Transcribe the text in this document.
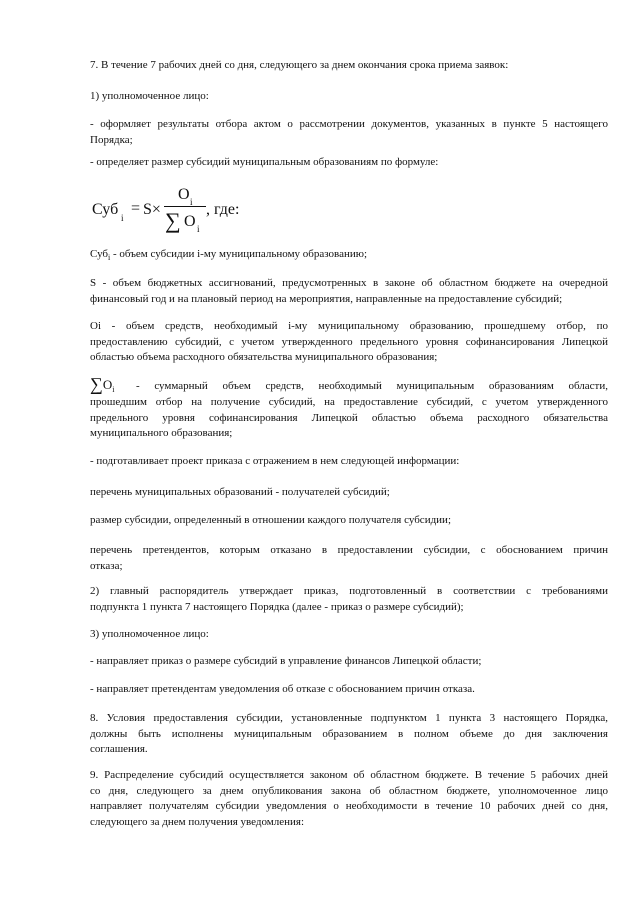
7. В течение 7 рабочих дней со дня, следующего за днем окончания срока приема заявок:
1) уполномоченное лицо:
- оформляет результаты отбора актом о рассмотрении документов, указанных в пункте 5 настоящего
Порядка;
- определяет размер субсидий муниципальным образованиям по формуле:
Суб i
= S×
O i
∑ O i
, где:
Суб$_i$ - объем субсидии i-му муниципальному образованию;
S - объем бюджетных ассигнований, предусмотренных в законе об областном бюджете на очередной
финансовый год и на плановый период на мероприятия, направленные на предоставление субсидий;
Oi - объем средств, необходимый i-му муниципальному образованию, прошедшему отбор, по
предоставлению субсидий, с учетом утвержденного предельного уровня софинансирования Липецкой
областью объема расходного обязательства муниципального образования;
$\sum O_i$	- суммарный объем средств, необходимый муниципальным образованиям области,
прошедшим отбор на получение субсидий, на предоставление субсидий, с учетом утвержденного
предельного уровня софинансирования Липецкой областью объема расходного обязательства
муниципального образования;
- подготавливает проект приказа с отражением в нем следующей информации:
перечень муниципальных образований - получателей субсидий;
размер субсидии, определенный в отношении каждого получателя субсидии;
перечень претендентов, которым отказано в предоставлении субсидии, с обоснованием причин
отказа;
2) главный распорядитель утверждает приказ, подготовленный в соответствии с требованиями
подпункта 1 пункта 7 настоящего Порядка (далее - приказ о размере субсидий);
3) уполномоченное лицо:
- направляет приказ о размере субсидий в управление финансов Липецкой области;
- направляет претендентам уведомления об отказе с обоснованием причин отказа.
8. Условия предоставления субсидии, установленные подпунктом 1 пункта 3 настоящего Порядка,
должны быть исполнены муниципальным образованием в полном объеме до дня заключения
соглашения.
9. Распределение субсидий осуществляется законом об областном бюджете. В течение 5 рабочих дней
со дня, следующего за днем опубликования закона об областном бюджете, уполномоченное лицо
направляет получателям субсидии уведомления о необходимости в течение 10 рабочих дней со дня,
следующего за днем получения уведомления:
